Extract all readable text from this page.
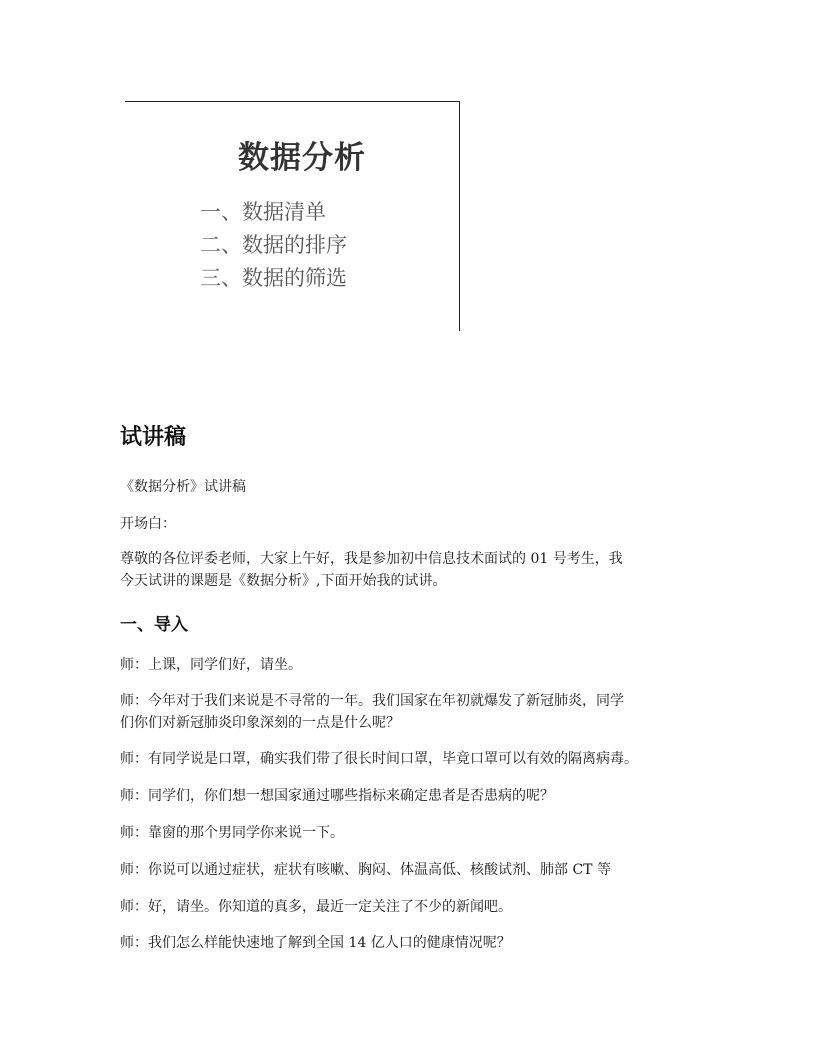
数据分析
一、数据清单
二、数据的排序
三、数据的筛选
试讲稿

《数据分析》试讲稿

开场白：

尊敬的各位评委老师，大家上午好，我是参加初中信息技术面试的 01 号考生，我

今天试讲的课题是《数据分析》,下面开始我的试讲。

一、导入

师：上课，同学们好，请坐。

师：今年对于我们来说是不寻常的一年。我们国家在年初就爆发了新冠肺炎，同学

们你们对新冠肺炎印象深刻的一点是什么呢？

师：有同学说是口罩，确实我们带了很长时间口罩，毕竟口罩可以有效的隔离病毒。

师：同学们，你们想一想国家通过哪些指标来确定患者是否患病的呢？

师：靠窗的那个男同学你来说一下。

师：你说可以通过症状，症状有咳嗽、胸闷、体温高低、核酸试剂、肺部 CT 等

师：好，请坐。你知道的真多，最近一定关注了不少的新闻吧。

师：我们怎么样能快速地了解到全国 14 亿人口的健康情况呢？
